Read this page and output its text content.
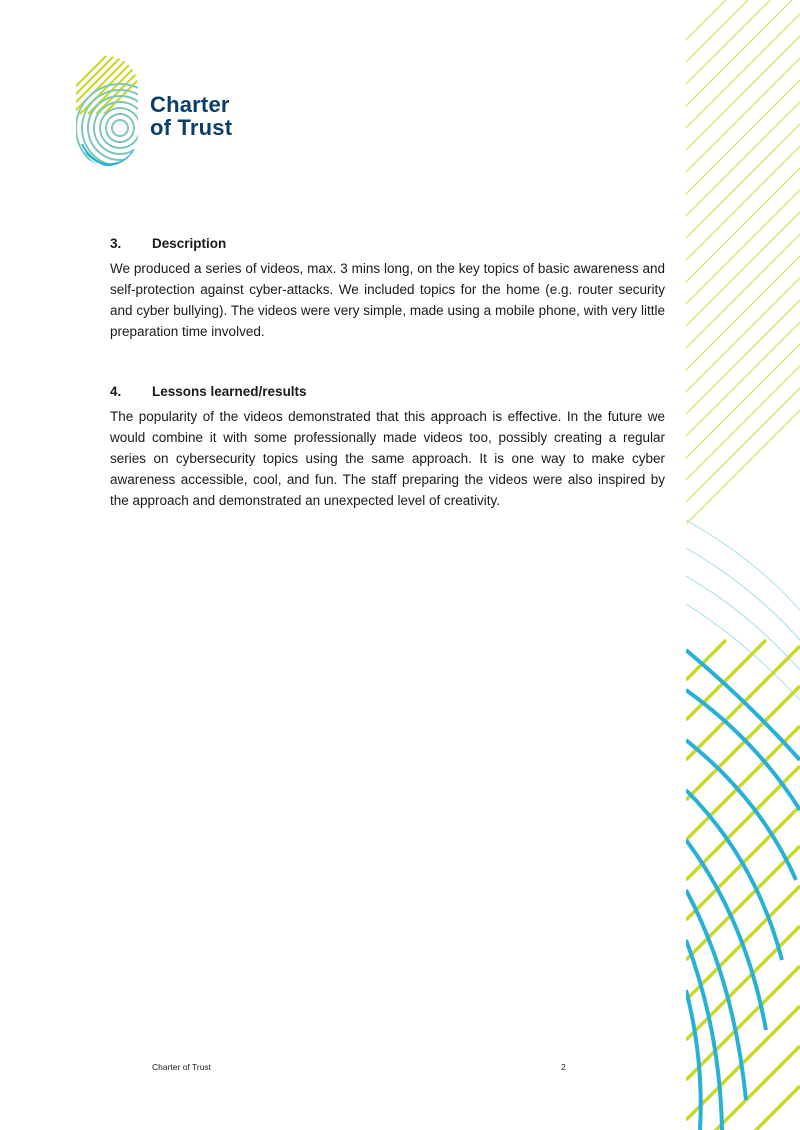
Charter
of Trust
3.	Description
We produced a series of videos, max. 3 mins long, on the key topics of basic awareness and self-protection against cyber-attacks. We included topics for the home (e.g. router security and cyber bullying). The videos were very simple, made using a mobile phone, with very little preparation time involved.
4.	Lessons learned/results
The popularity of the videos demonstrated that this approach is effective. In the future we would combine it with some professionally made videos too, possibly creating a regular series on cybersecurity topics using the same approach. It is one way to make cyber awareness accessible, cool, and fun. The staff preparing the videos were also inspired by the approach and demonstrated an unexpected level of creativity.
Charter of Trust	2
